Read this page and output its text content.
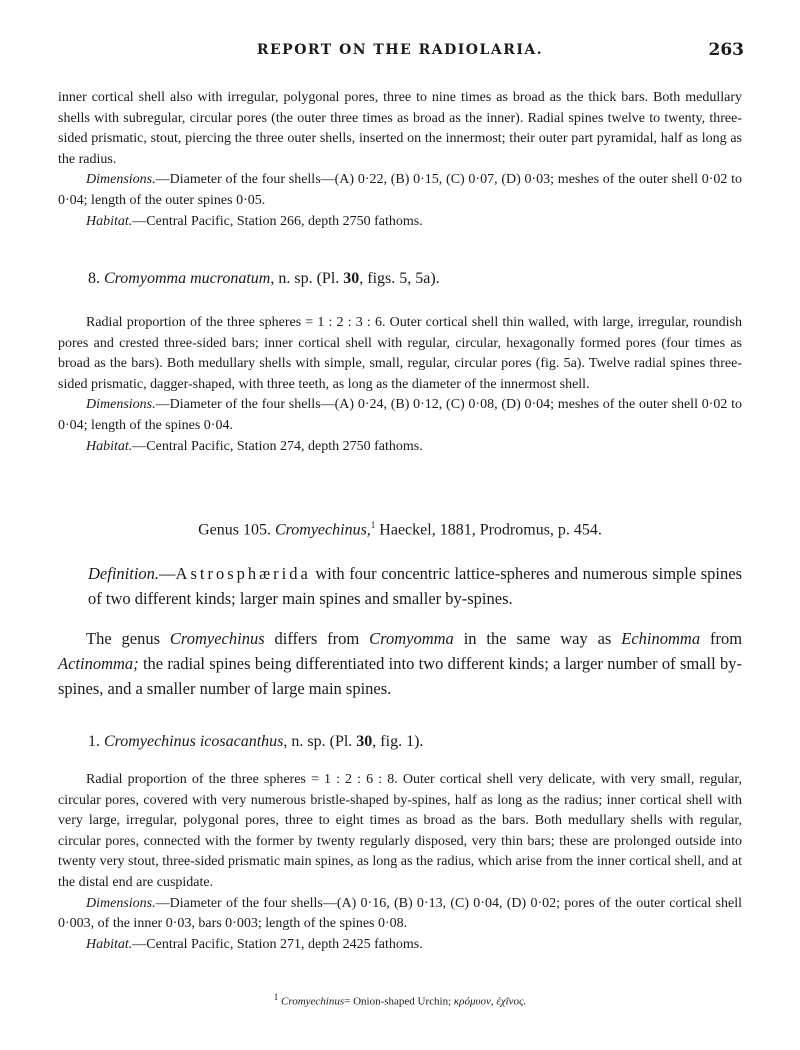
REPORT ON THE RADIOLARIA.	263
inner cortical shell also with irregular, polygonal pores, three to nine times as broad as the thick bars. Both medullary shells with subregular, circular pores (the outer three times as broad as the inner). Radial spines twelve to twenty, three-sided prismatic, stout, piercing the three outer shells, inserted on the innermost; their outer part pyramidal, half as long as the radius.
Dimensions.—Diameter of the four shells—(A) 0·22, (B) 0·15, (C) 0·07, (D) 0·03; meshes of the outer shell 0·02 to 0·04; length of the outer spines 0·05.
Habitat.—Central Pacific, Station 266, depth 2750 fathoms.
8. Cromyomma mucronatum, n. sp. (Pl. 30, figs. 5, 5a).
Radial proportion of the three spheres = 1 : 2 : 3 : 6. Outer cortical shell thin walled, with large, irregular, roundish pores and crested three-sided bars; inner cortical shell with regular, circular, hexagonally formed pores (four times as broad as the bars). Both medullary shells with simple, small, regular, circular pores (fig. 5a). Twelve radial spines three-sided prismatic, dagger-shaped, with three teeth, as long as the diameter of the innermost shell.
Dimensions.—Diameter of the four shells—(A) 0·24, (B) 0·12, (C) 0·08, (D) 0·04; meshes of the outer shell 0·02 to 0·04; length of the spines 0·04.
Habitat.—Central Pacific, Station 274, depth 2750 fathoms.
Genus 105. Cromyechinus,$^1$ Haeckel, 1881, Prodromus, p. 454.
Definition.—Astrosphærida with four concentric lattice-spheres and numerous simple spines of two different kinds; larger main spines and smaller by-spines.
The genus Cromyechinus differs from Cromyomma in the same way as Echinomma from Actinomma; the radial spines being differentiated into two different kinds; a larger number of small by-spines, and a smaller number of large main spines.
1. Cromyechinus icosacanthus, n. sp. (Pl. 30, fig. 1).
Radial proportion of the three spheres = 1 : 2 : 6 : 8. Outer cortical shell very delicate, with very small, regular, circular pores, covered with very numerous bristle-shaped by-spines, half as long as the radius; inner cortical shell with very large, irregular, polygonal pores, three to eight times as broad as the bars. Both medullary shells with regular, circular pores, connected with the former by twenty regularly disposed, very thin bars; these are prolonged outside into twenty very stout, three-sided prismatic main spines, as long as the radius, which arise from the inner cortical shell, and at the distal end are cuspidate.
Dimensions.—Diameter of the four shells—(A) 0·16, (B) 0·13, (C) 0·04, (D) 0·02; pores of the outer cortical shell 0·003, of the inner 0·03, bars 0·003; length of the spines 0·08.
Habitat.—Central Pacific, Station 271, depth 2425 fathoms.
$^1$ Cromyechinus= Onion-shaped Urchin; κρόμυον, ἐχῖνος.
